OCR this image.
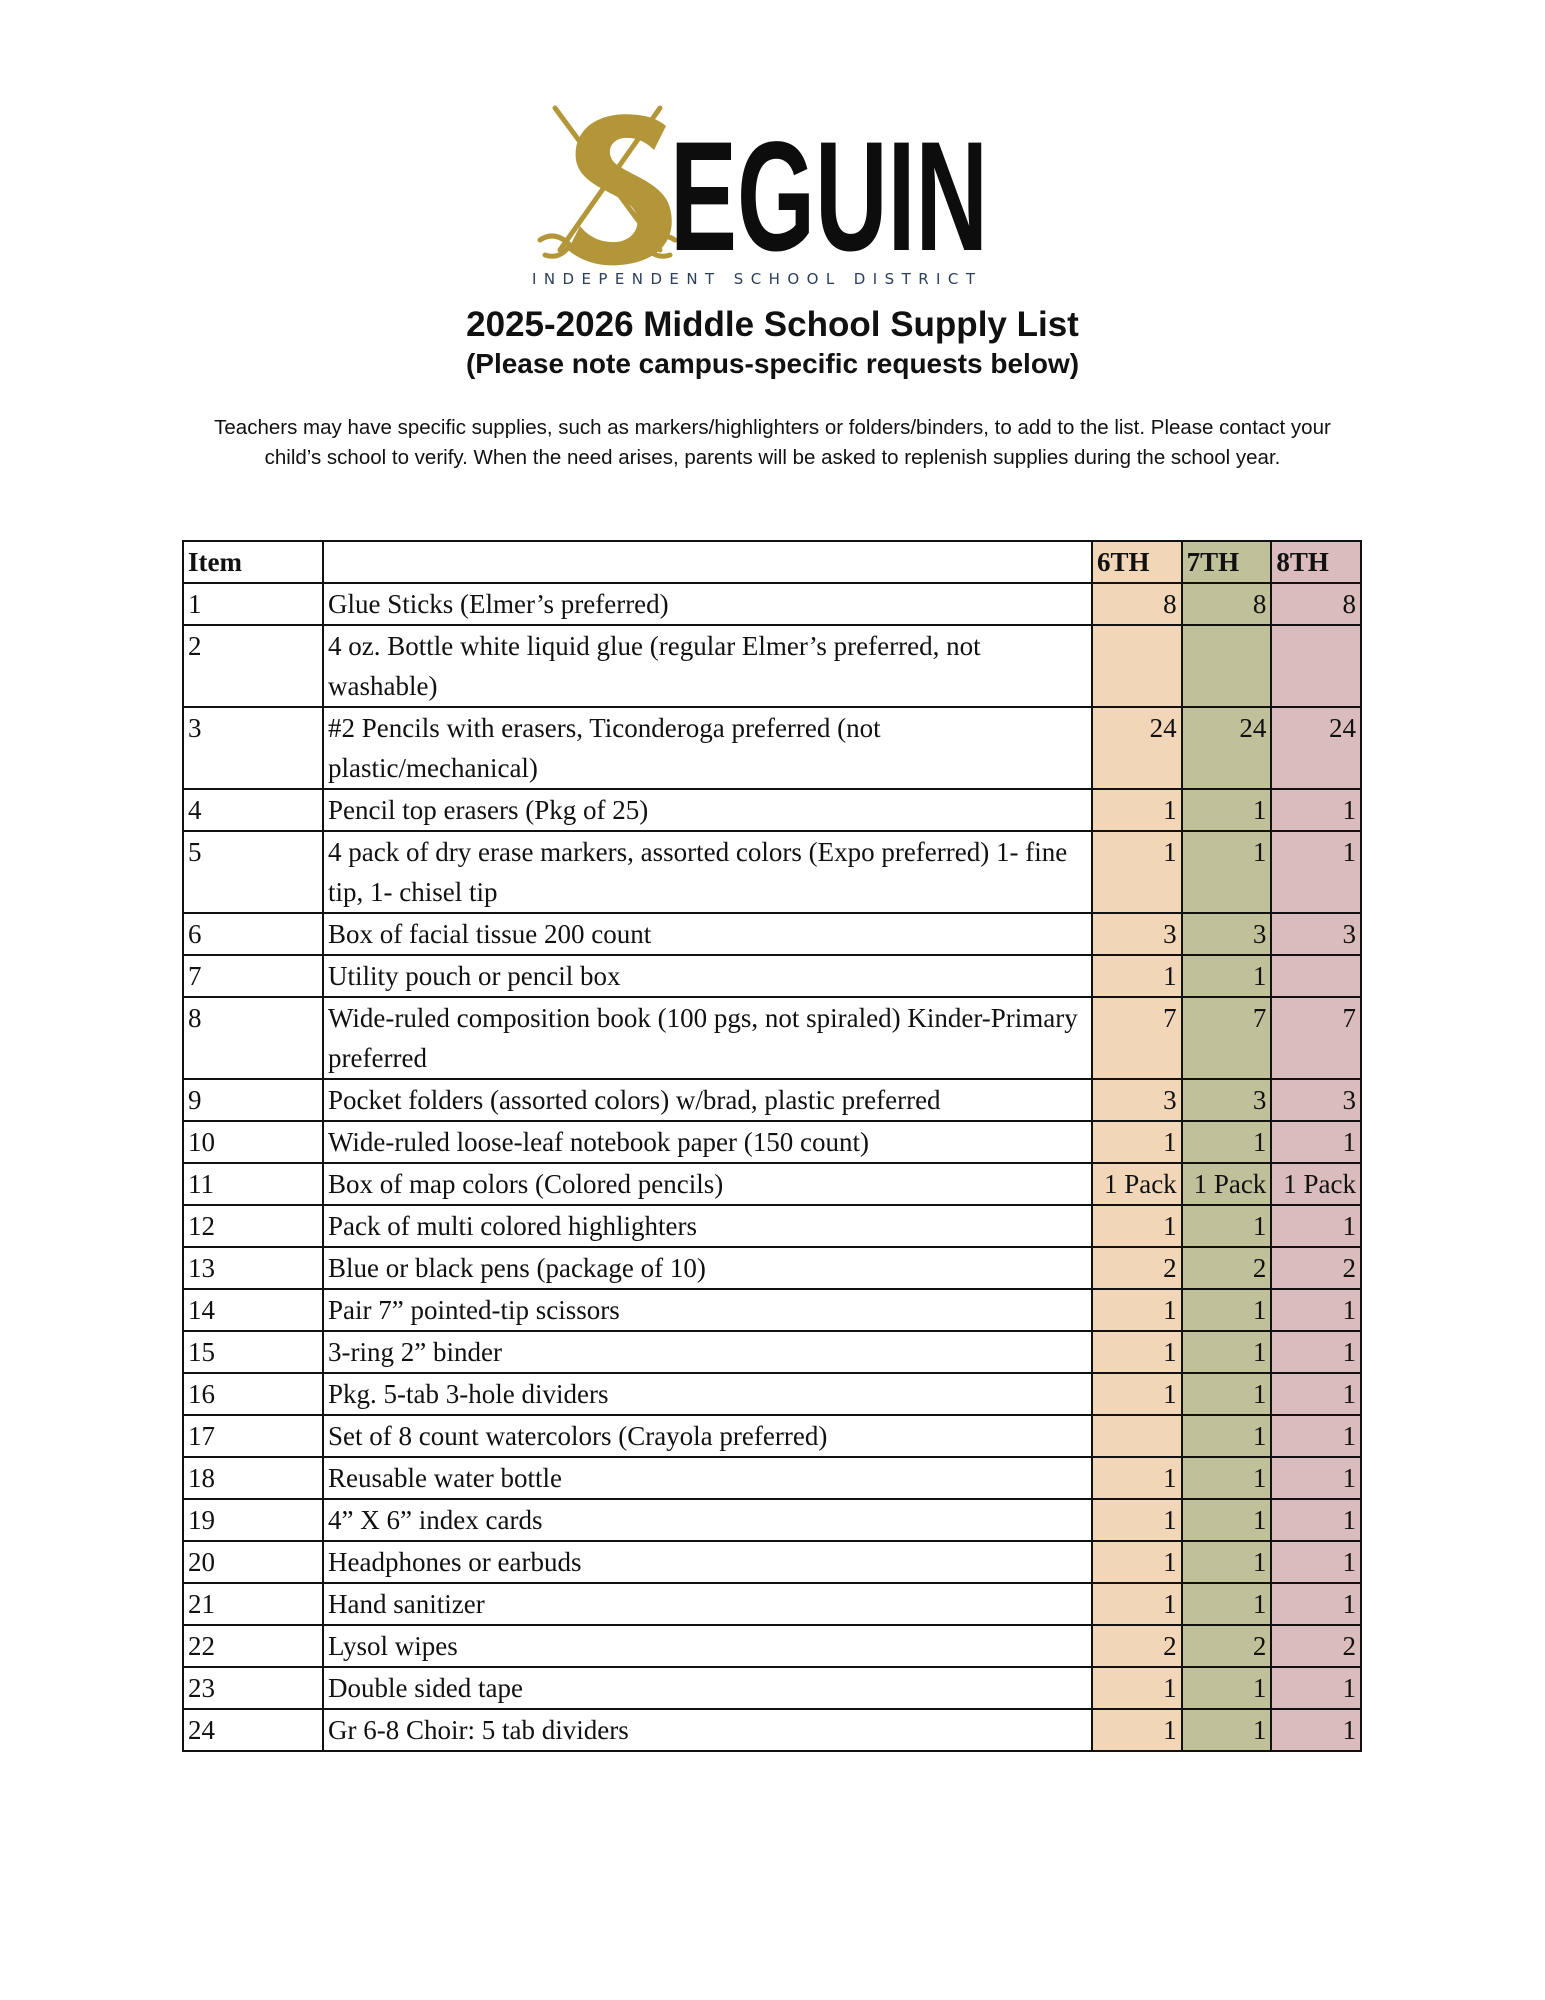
EGUIN
INDEPENDENT SCHOOL DISTRICT
2025-2026 Middle School Supply List
(Please note campus-specific requests below)
Teachers may have specific supplies, such as markers/highlighters or folders/binders, to add to the list. Please contact your child’s school to verify. When the need arises, parents will be asked to replenish supplies during the school year.
Item		6TH	7TH	8TH
1	Glue Sticks (Elmer’s preferred)	8	8	8
2	4 oz. Bottle white liquid glue (regular Elmer’s preferred, not washable)			
3	#2 Pencils with erasers, Ticonderoga preferred (not plastic/mechanical)	24	24	24
4	Pencil top erasers (Pkg of 25)	1	1	1
5	4 pack of dry erase markers, assorted colors (Expo preferred) 1- fine tip, 1- chisel tip	1	1	1
6	Box of facial tissue 200 count	3	3	3
7	Utility pouch or pencil box	1	1	
8	Wide-ruled composition book (100 pgs, not spiraled) Kinder-Primary preferred	7	7	7
9	Pocket folders (assorted colors) w/brad, plastic preferred	3	3	3
10	Wide-ruled loose-leaf notebook paper (150 count)	1	1	1
11	Box of map colors (Colored pencils)	1 Pack	1 Pack	1 Pack
12	Pack of multi colored highlighters	1	1	1
13	Blue or black pens (package of 10)	2	2	2
14	Pair 7” pointed-tip scissors	1	1	1
15	3-ring 2” binder	1	1	1
16	Pkg. 5-tab 3-hole dividers	1	1	1
17	Set of 8 count watercolors (Crayola preferred)		1	1
18	Reusable water bottle	1	1	1
19	4” X 6” index cards	1	1	1
20	Headphones or earbuds	1	1	1
21	Hand sanitizer	1	1	1
22	Lysol wipes	2	2	2
23	Double sided tape	1	1	1
24	Gr 6-8 Choir: 5 tab dividers	1	1	1
